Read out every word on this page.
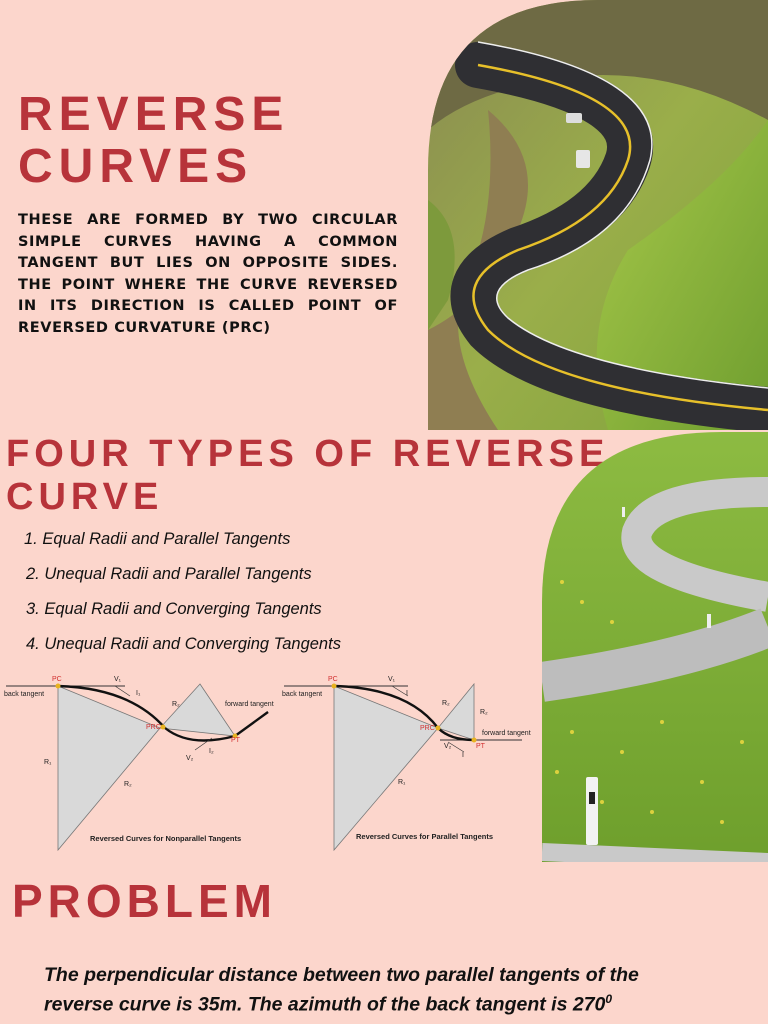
REVERSE
CURVES

THESE ARE FORMED BY TWO CIRCULAR SIMPLE CURVES HAVING A COMMON TANGENT BUT LIES ON OPPOSITE SIDES. THE POINT WHERE THE CURVE REVERSED IN ITS DIRECTION IS CALLED POINT OF REVERSED CURVATURE (PRC)

FOUR TYPES OF REVERSE
CURVE
1. Equal Radii and Parallel Tangents
2. Unequal Radii and Parallel Tangents
3. Equal Radii and Converging Tangents
4. Unequal Radii and Converging Tangents
PC
back tangent
V₁
I₁
R₂
PRC
forward tangent
PT
R₁
R₂
V₂
I₂
Reversed Curves for Nonparallel Tangents
PC
back tangent
V₁
I
R₂
PRC
R₂
forward tangent
PT
V₂
I
R₁
Reversed Curves for Parallel Tangents
PROBLEM
The perpendicular distance between two parallel tangents of the
reverse curve is 35m. The azimuth of the back tangent is $270^0$
